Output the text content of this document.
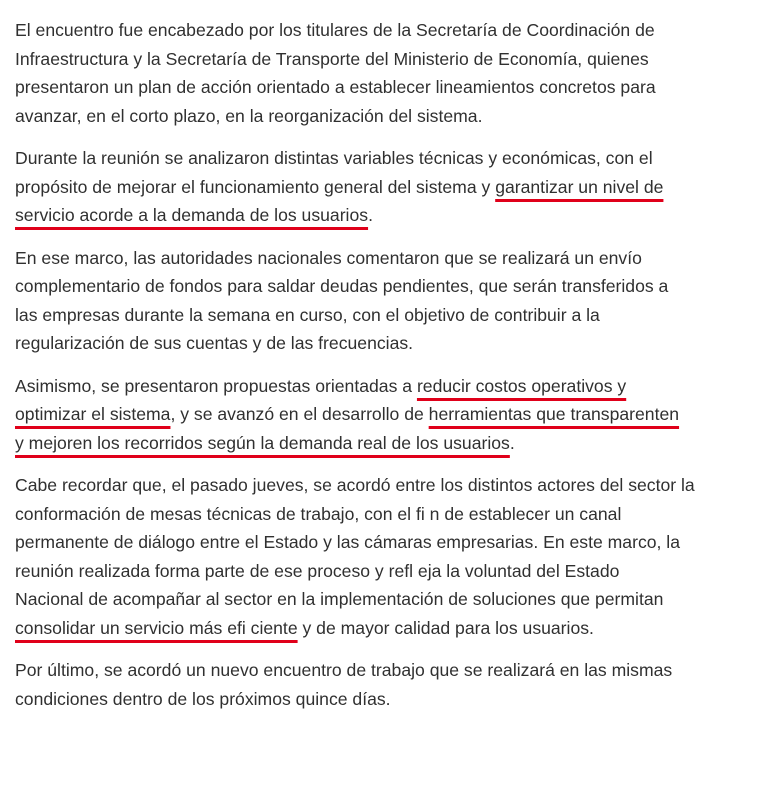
El encuentro fue encabezado por los titulares de la Secretaría de Coordinación de
Infraestructura y la Secretaría de Transporte del Ministerio de Economía, quienes
presentaron un plan de acción orientado a establecer lineamientos concretos para
avanzar, en el corto plazo, en la reorganización del sistema.

Durante la reunión se analizaron distintas variables técnicas y económicas, con el
propósito de mejorar el funcionamiento general del sistema y garantizar un nivel de
servicio acorde a la demanda de los usuarios.

En ese marco, las autoridades nacionales comentaron que se realizará un envío
complementario de fondos para saldar deudas pendientes, que serán transferidos a
las empresas durante la semana en curso, con el objetivo de contribuir a la
regularización de sus cuentas y de las frecuencias.

Asimismo, se presentaron propuestas orientadas a reducir costos operativos y
optimizar el sistema, y se avanzó en el desarrollo de herramientas que transparenten
y mejoren los recorridos según la demanda real de los usuarios.

Cabe recordar que, el pasado jueves, se acordó entre los distintos actores del sector la
conformación de mesas técnicas de trabajo, con el fi n de establecer un canal
permanente de diálogo entre el Estado y las cámaras empresarias. En este marco, la
reunión realizada forma parte de ese proceso y refl eja la voluntad del Estado
Nacional de acompañar al sector en la implementación de soluciones que permitan
consolidar un servicio más efi ciente y de mayor calidad para los usuarios.

Por último, se acordó un nuevo encuentro de trabajo que se realizará en las mismas
condiciones dentro de los próximos quince días.
